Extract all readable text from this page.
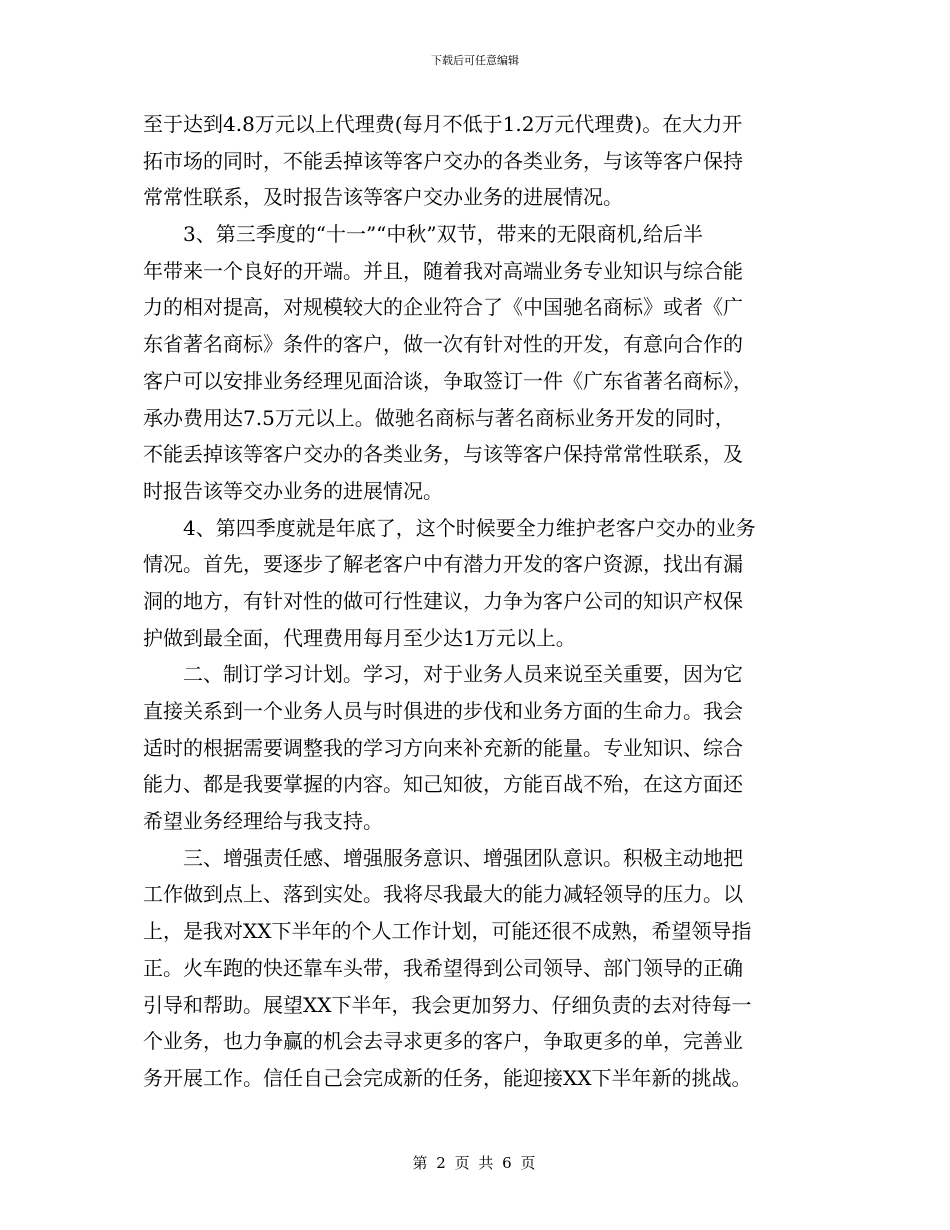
下载后可任意编辑
至于达到4.8万元以上代理费(每月不低于1.2万元代理费)。在大力开
拓市场的同时，不能丢掉该等客户交办的各类业务，与该等客户保持
常常性联系，及时报告该等客户交办业务的进展情况。
　　3、第三季度的“十一”“中秋”双节，带来的无限商机,给后半
年带来一个良好的开端。并且，随着我对高端业务专业知识与综合能
力的相对提高，对规模较大的企业符合了《中国驰名商标》或者《广
东省著名商标》条件的客户，做一次有针对性的开发，有意向合作的
客户可以安排业务经理见面洽谈，争取签订一件《广东省著名商标》，
承办费用达7.5万元以上。做驰名商标与著名商标业务开发的同时，
不能丢掉该等客户交办的各类业务，与该等客户保持常常性联系，及
时报告该等交办业务的进展情况。
　　4、第四季度就是年底了，这个时候要全力维护老客户交办的业务
情况。首先，要逐步了解老客户中有潜力开发的客户资源，找出有漏
洞的地方，有针对性的做可行性建议，力争为客户公司的知识产权保
护做到最全面，代理费用每月至少达1万元以上。
　　二、制订学习计划。学习，对于业务人员来说至关重要，因为它
直接关系到一个业务人员与时俱进的步伐和业务方面的生命力。我会
适时的根据需要调整我的学习方向来补充新的能量。专业知识、综合
能力、都是我要掌握的内容。知己知彼，方能百战不殆，在这方面还
希望业务经理给与我支持。
　　三、增强责任感、增强服务意识、增强团队意识。积极主动地把
工作做到点上、落到实处。我将尽我最大的能力减轻领导的压力。以
上，是我对XX下半年的个人工作计划，可能还很不成熟，希望领导指
正。火车跑的快还靠车头带，我希望得到公司领导、部门领导的正确
引导和帮助。展望XX下半年，我会更加努力、仔细负责的去对待每一
个业务，也力争赢的机会去寻求更多的客户，争取更多的单，完善业
务开展工作。信任自己会完成新的任务，能迎接XX下半年新的挑战。
第 2 页 共 6 页
